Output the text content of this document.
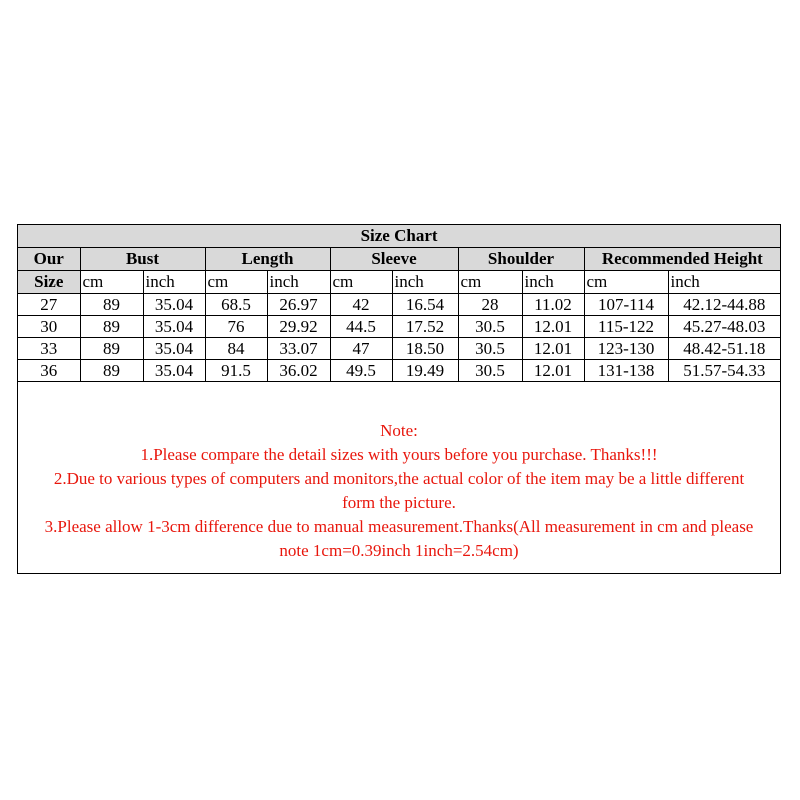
Size Chart										
Our	Bust		Length		Sleeve		Shoulder		Recommended Height	
Size	cm	inch	cm	inch	cm	inch	cm	inch	cm	inch
27	89	35.04	68.5	26.97	42	16.54	28	11.02	107-114	42.12-44.88
30	89	35.04	76	29.92	44.5	17.52	30.5	12.01	115-122	45.27-48.03
33	89	35.04	84	33.07	47	18.50	30.5	12.01	123-130	48.42-51.18
36	89	35.04	91.5	36.02	49.5	19.49	30.5	12.01	131-138	51.57-54.33
Note:
1.Please compare the detail sizes with yours before you purchase. Thanks!!!
2.Due to various types of computers and monitors,the actual color of the item may be a little different
form the picture.
3.Please allow 1-3cm difference due to manual measurement.Thanks(All measurement in cm and please
note 1cm=0.39inch 1inch=2.54cm)
